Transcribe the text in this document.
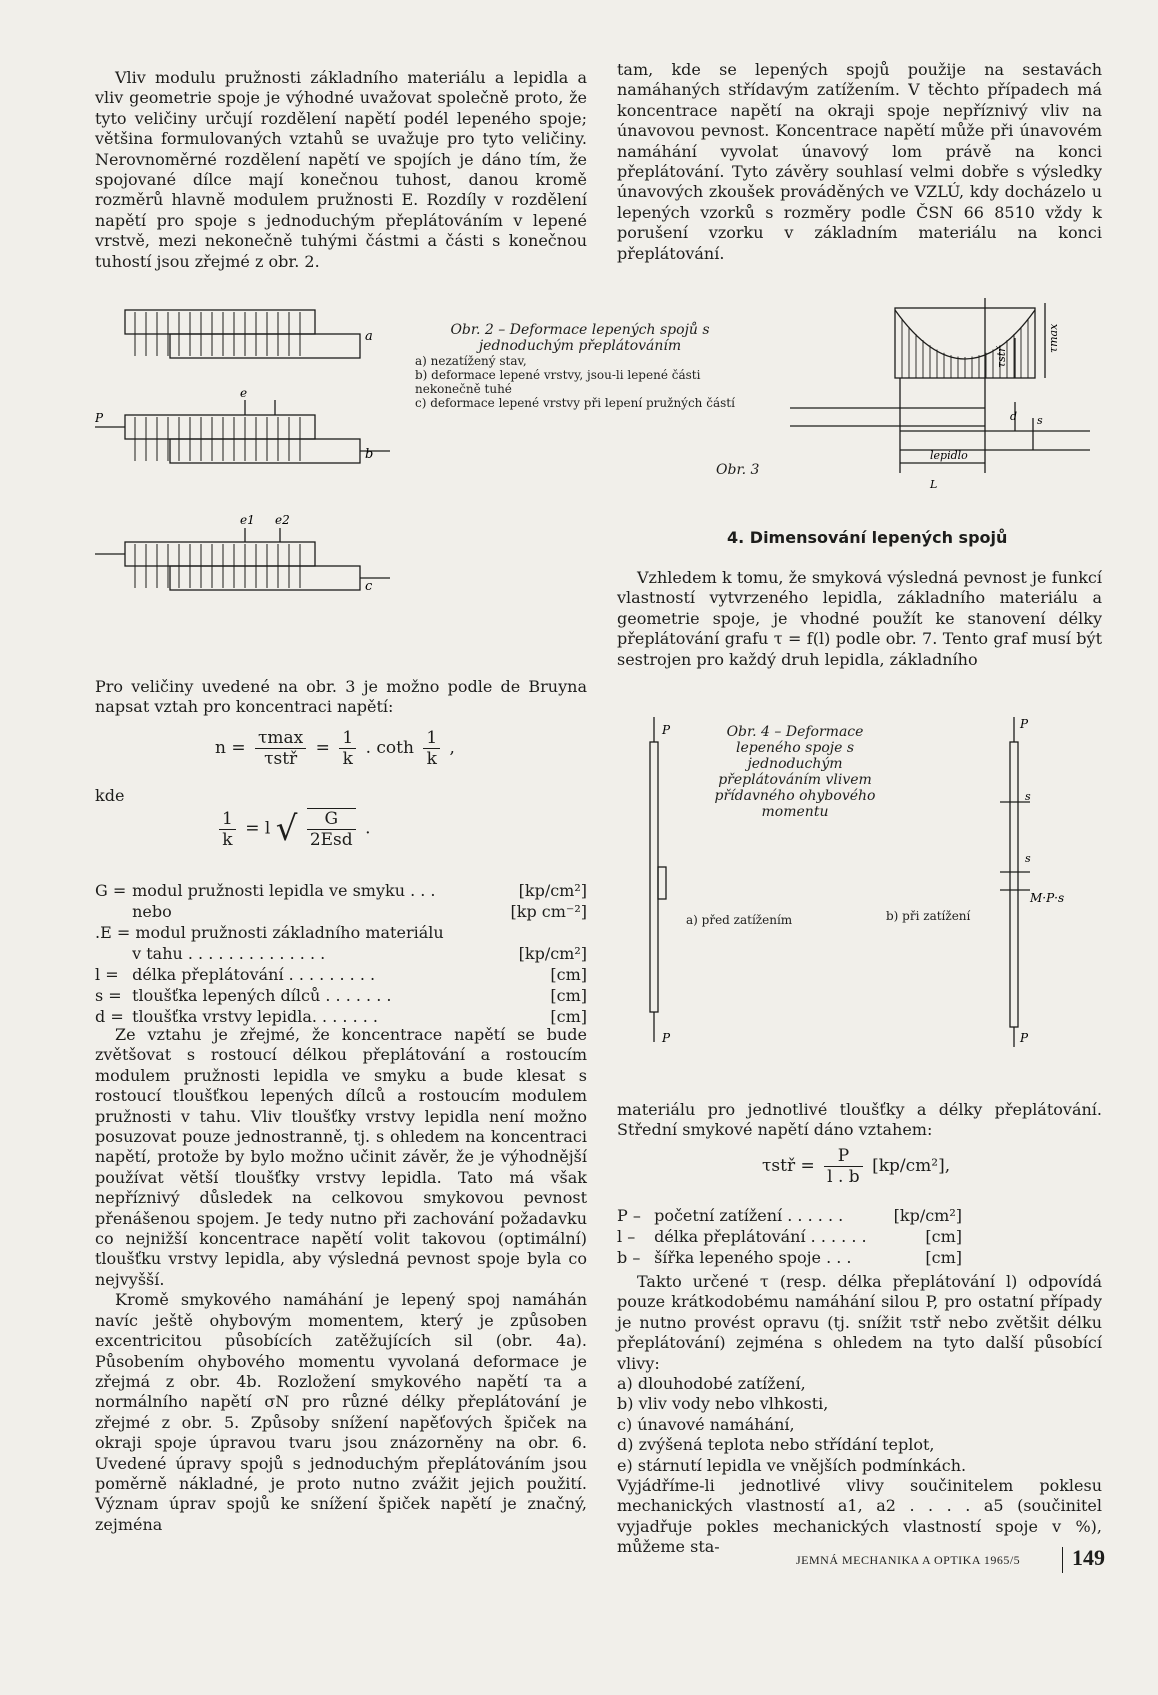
Vliv modulu pružnosti základního materiálu a lepidla a vliv geometrie spoje je výhodné uvažovat společně proto, že tyto veličiny určují rozdělení napětí podél lepeného spoje; většina formulovaných vztahů se uvažuje pro tyto veličiny. Nerovnoměrné rozdělení napětí ve spojích je dáno tím, že spojované dílce mají konečnou tuhost, danou kromě rozměrů hlavně modulem pružnosti E. Rozdíly v rozdělení napětí pro spoje s jednoduchým přeplátováním v lepené vrstvě, mezi nekonečně tuhými částmi a části s konečnou tuhostí jsou zřejmé z obr. 2.

a
b
c
P
e
e1 e2
Obr. 2 – Deformace lepených spojů s jednoduchým přeplátováním
a) nezatížený stav,
b) deformace lepené vrstvy, jsou-li lepené části nekonečně tuhé
c) deformace lepené vrstvy při lepení pružných částí

Pro veličiny uvedené na obr. 3 je možno podle de Bruyna napsat vztah pro koncentraci napětí:

$n = \frac{\tau\max}{\text{τstř}} = \frac{1}{k}$ . coth $\frac{1}{k}$ ,
kde
$\frac{1}{k} = l$ √ $\frac{G}{\text{2Esd}}$ .
G = modul pružnosti lepidla ve smyku . . .	[kp/cm²]
nebo	[kp cm⁻²]
.E = modul pružnosti základního materiálu
v tahu . . . . . . . . . . . . . .	[kp/cm²]
l = délka přeplátování . . . . . . . . .	[cm]
s = tloušťka lepených dílců . . . . . . .	[cm]
d = tloušťka vrstvy lepidla. . . . . . .	[cm]

Ze vztahu je zřejmé, že koncentrace napětí se bude zvětšovat s rostoucí délkou přeplátování a rostoucím modulem pružnosti lepidla ve smyku a bude klesat s rostoucí tloušťkou lepených dílců a rostoucím modulem pružnosti v tahu. Vliv tloušťky vrstvy lepidla není možno posuzovat pouze jednostranně, tj. s ohledem na koncentraci napětí, protože by bylo možno učinit závěr, že je výhodnější používat větší tloušťky vrstvy lepidla. Tato má však nepříznivý důsledek na celkovou smykovou pevnost přenášenou spojem. Je tedy nutno při zachování požadavku co nejnižší koncentrace napětí volit takovou (optimální) tloušťku vrstvy lepidla, aby výsledná pevnost spoje byla co nejvyšší.

Kromě smykového namáhání je lepený spoj namáhán navíc ještě ohybovým momentem, který je způsoben excentricitou působících zatěžujících sil (obr. 4a). Působením ohybového momentu vyvolaná deformace je zřejmá z obr. 4b. Rozložení smykového napětí τa a normálního napětí σN pro různé délky přeplátování je zřejmé z obr. 5. Způsoby snížení napěťových špiček na okraji spoje úpravou tvaru jsou znázorněny na obr. 6. Uvedené úpravy spojů s jednoduchým přeplátováním jsou poměrně nákladné, je proto nutno zvážit jejich použití. Význam úprav spojů ke snížení špiček napětí je značný, zejména

tam, kde se lepených spojů použije na sestavách namáhaných střídavým zatížením. V těchto případech má koncentrace napětí na okraji spoje nepříznivý vliv na únavovou pevnost. Koncentrace napětí může při únavovém namáhání vyvolat únavový lom právě na konci přeplátování. Tyto závěry souhlasí velmi dobře s výsledky únavových zkoušek prováděných ve VZLÚ, kdy docházelo u lepených vzorků s rozměry podle ČSN 66 8510 vždy k porušení vzorku v základním materiálu na konci přeplátování.

lepidlo
τstř
τmax
d s
L
Obr. 3
4. Dimensování lepených spojů

Vzhledem k tomu, že smyková výsledná pevnost je funkcí vlastností vytvrzeného lepidla, základního materiálu a geometrie spoje, je vhodné použít ke stanovení délky přeplátování grafu τ = f(l) podle obr. 7. Tento graf musí být sestrojen pro každý druh lepidla, základního

P
P
P
P
s
s
M·P·s
Obr. 4 – Deformace lepeného spoje s jednoduchým přeplátováním vlivem přídavného ohybového momentu
a) před zatížením	b) při zatížení

materiálu pro jednotlivé tloušťky a délky přeplátování. Střední smykové napětí dáno vztahem:

τstř = $\frac{P}{l . b} [kp/cm^2]$,
P – početní zatížení . . . . . .	[kp/cm²]
l – délka přeplátování . . . . . .	[cm]
b – šířka lepeného spoje . . .	[cm]

Takto určené τ (resp. délka přeplátování l) odpovídá pouze krátkodobému namáhání silou P, pro ostatní případy je nutno provést opravu (tj. snížit τstř nebo zvětšit délku přeplátování) zejména s ohledem na tyto další působící vlivy:

a) dlouhodobé zatížení,
b) vliv vody nebo vlhkosti,
c) únavové namáhání,
d) zvýšená teplota nebo střídání teplot,
e) stárnutí lepidla ve vnějších podmínkách.

Vyjádříme-li jednotlivé vlivy součinitelem poklesu mechanických vlastností a1, a2 . . . . a5 (součinitel vyjadřuje pokles mechanických vlastností spoje v %), můžeme sta-

JEMNÁ MECHANIKA A OPTIKA 1965/5 149
